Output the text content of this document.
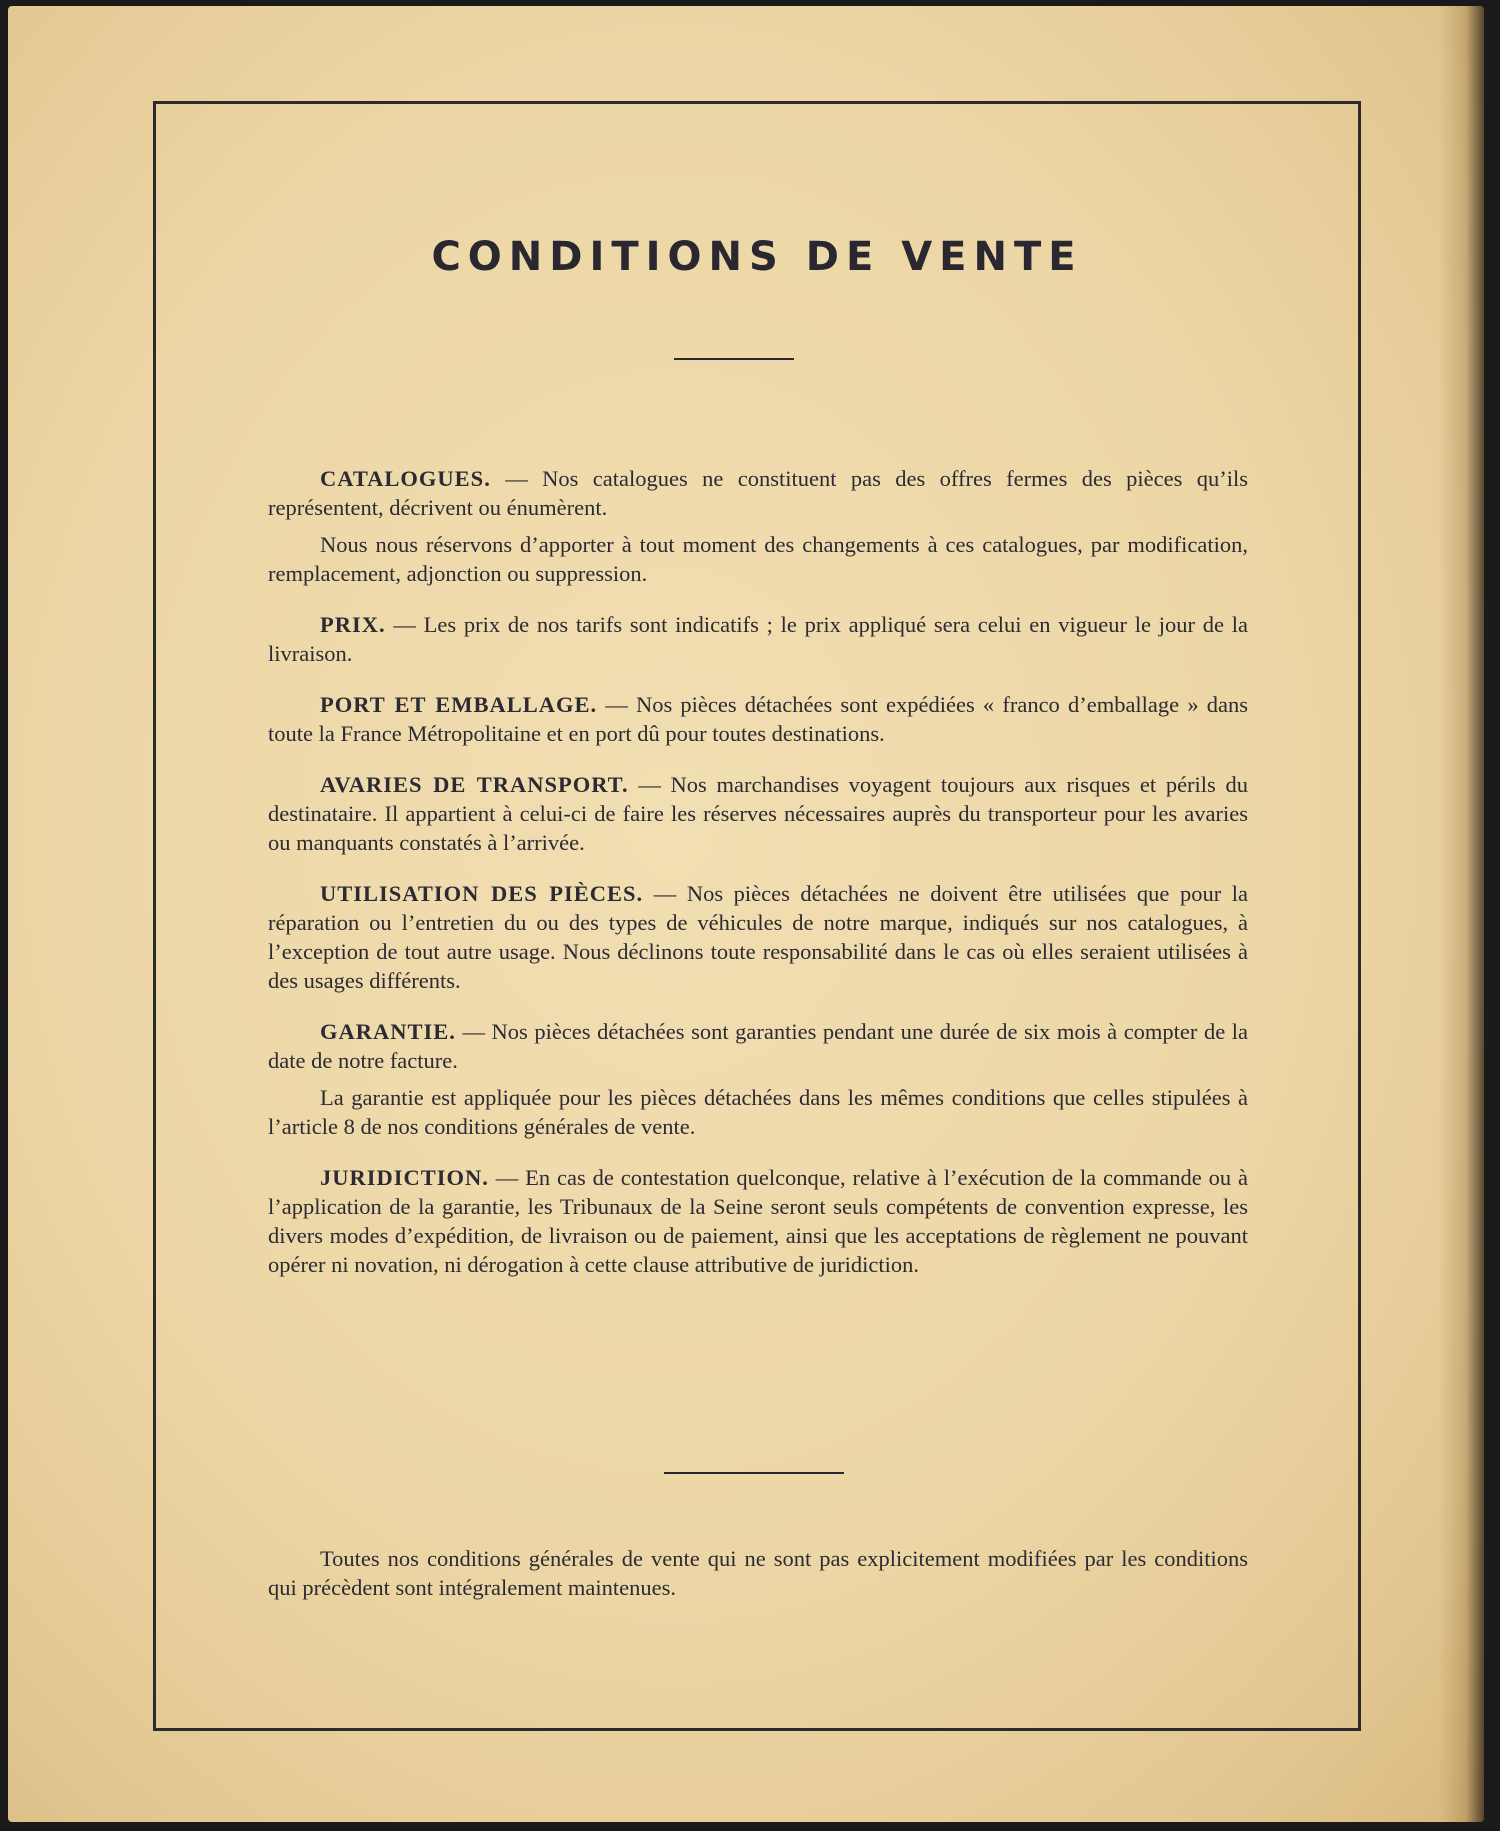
CONDITIONS DE VENTE

CATALOGUES. — Nos catalogues ne constituent pas des offres fermes des pièces qu’ils représentent, décrivent ou énumèrent.

Nous nous réservons d’apporter à tout moment des changements à ces catalogues, par modification, remplacement, adjonction ou suppression.

PRIX. — Les prix de nos tarifs sont indicatifs ; le prix appliqué sera celui en vigueur le jour de la livraison.

PORT ET EMBALLAGE. — Nos pièces détachées sont expédiées « franco d’emballage » dans toute la France Métropolitaine et en port dû pour toutes destinations.

AVARIES DE TRANSPORT. — Nos marchandises voyagent toujours aux risques et périls du destinataire. Il appartient à celui-ci de faire les réserves nécessaires auprès du transporteur pour les avaries ou manquants constatés à l’arrivée.

UTILISATION DES PIÈCES. — Nos pièces détachées ne doivent être utilisées que pour la réparation ou l’entretien du ou des types de véhicules de notre marque, indiqués sur nos catalogues, à l’exception de tout autre usage. Nous déclinons toute responsabilité dans le cas où elles seraient utilisées à des usages différents.

GARANTIE. — Nos pièces détachées sont garanties pendant une durée de six mois à compter de la date de notre facture.

La garantie est appliquée pour les pièces détachées dans les mêmes conditions que celles stipulées à l’article 8 de nos conditions générales de vente.

JURIDICTION. — En cas de contestation quelconque, relative à l’exécution de la commande ou à l’application de la garantie, les Tribunaux de la Seine seront seuls compétents de convention expresse, les divers modes d’expédition, de livraison ou de paiement, ainsi que les acceptations de règlement ne pouvant opérer ni novation, ni dérogation à cette clause attributive de juridiction.

Toutes nos conditions générales de vente qui ne sont pas explicitement modifiées par les conditions qui précèdent sont intégralement maintenues.
